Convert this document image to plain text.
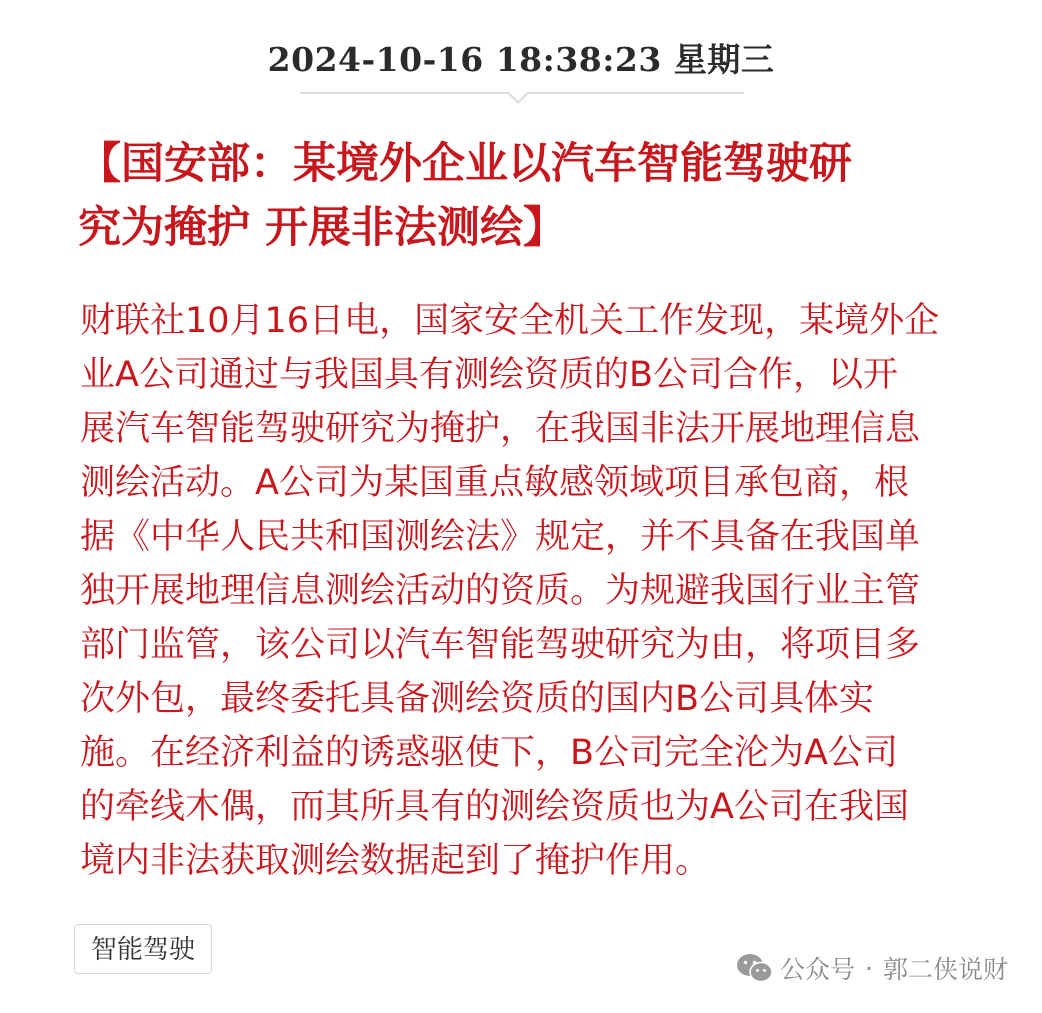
2024-10-16 18:38:23 星期三
【国安部：某境外企业以汽车智能驾驶研
究为掩护 开展非法测绘】
财联社10月16日电，国家安全机关工作发现，某境外企
业A公司通过与我国具有测绘资质的B公司合作，以开
展汽车智能驾驶研究为掩护，在我国非法开展地理信息
测绘活动。A公司为某国重点敏感领域项目承包商，根
据《中华人民共和国测绘法》规定，并不具备在我国单
独开展地理信息测绘活动的资质。为规避我国行业主管
部门监管，该公司以汽车智能驾驶研究为由，将项目多
次外包，最终委托具备测绘资质的国内B公司具体实
施。在经济利益的诱惑驱使下，B公司完全沦为A公司
的牵线木偶，而其所具有的测绘资质也为A公司在我国
境内非法获取测绘数据起到了掩护作用。
智能驾驶
公众号 · 郭二侠说财
